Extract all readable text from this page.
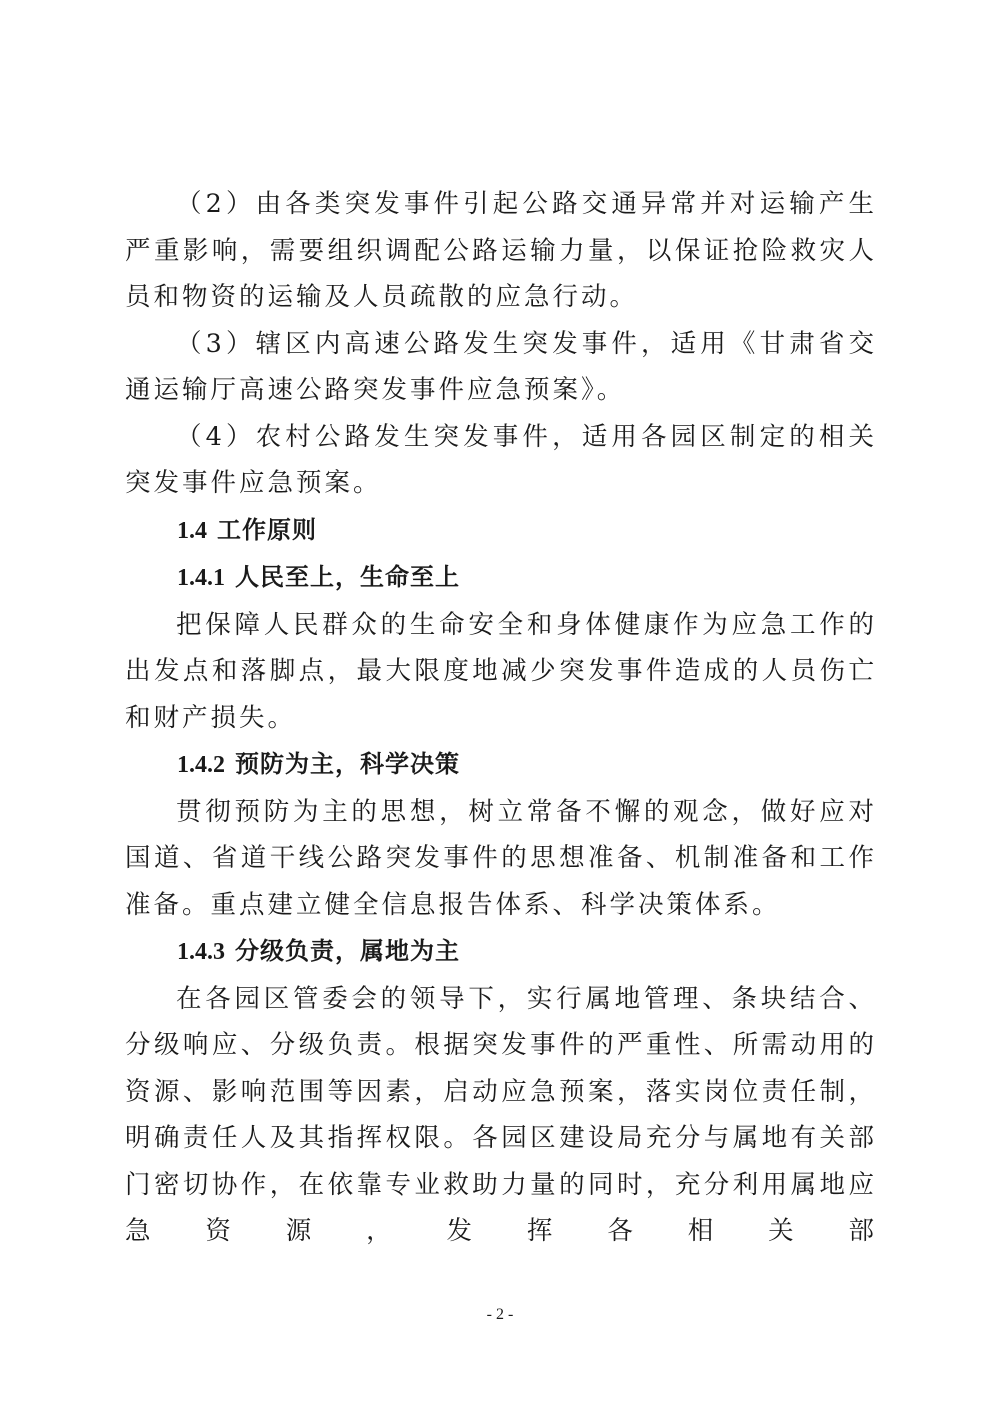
（2）由各类突发事件引起公路交通异常并对运输产生严重影响，需要组织调配公路运输力量，以保证抢险救灾人员和物资的运输及人员疏散的应急行动。

（3）辖区内高速公路发生突发事件，适用《甘肃省交通运输厅高速公路突发事件应急预案》。

（4）农村公路发生突发事件，适用各园区制定的相关突发事件应急预案。

1.4 工作原则
1.4.1 人民至上，生命至上

把保障人民群众的生命安全和身体健康作为应急工作的出发点和落脚点，最大限度地减少突发事件造成的人员伤亡和财产损失。

1.4.2 预防为主，科学决策

贯彻预防为主的思想，树立常备不懈的观念，做好应对国道、省道干线公路突发事件的思想准备、机制准备和工作准备。重点建立健全信息报告体系、科学决策体系。

1.4.3 分级负责，属地为主

在各园区管委会的领导下，实行属地管理、条块结合、分级响应、分级负责。根据突发事件的严重性、所需动用的资源、影响范围等因素，启动应急预案，落实岗位责任制，明确责任人及其指挥权限。各园区建设局充分与属地有关部门密切协作，在依靠专业救助力量的同时，充分利用属地应急资源，发挥各相关部

- 2 -
